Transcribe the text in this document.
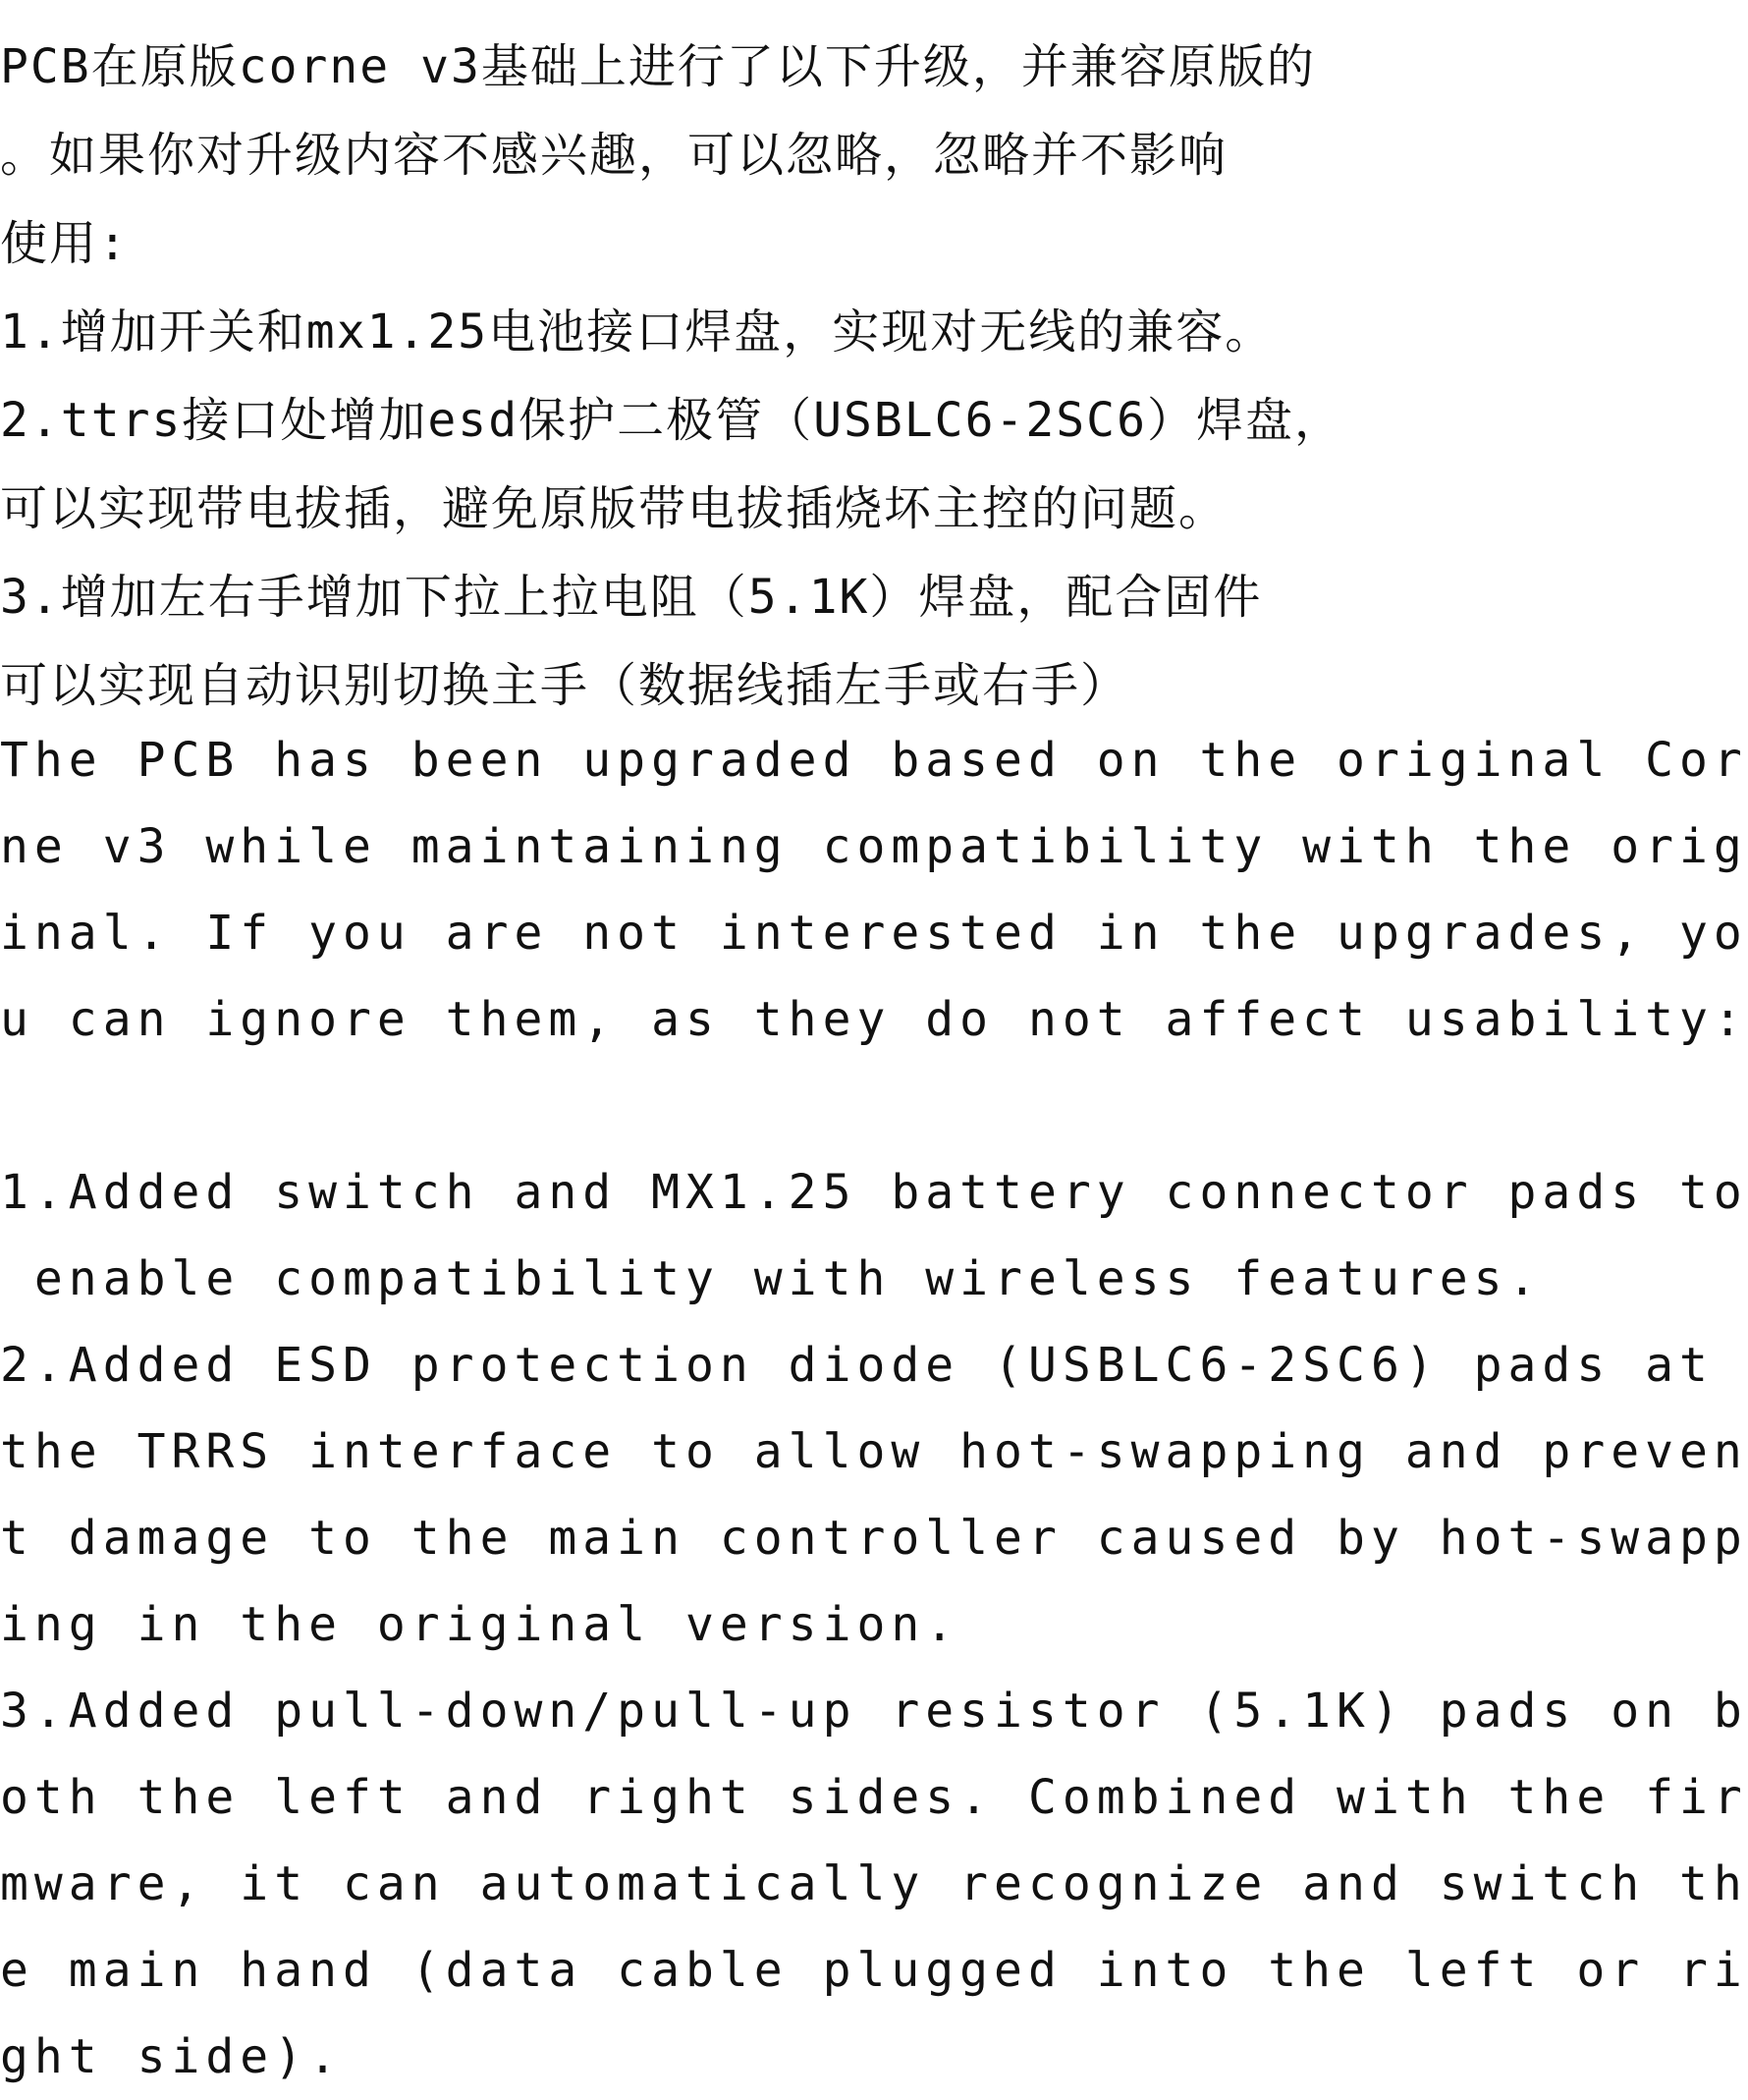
PCB在原版corne v3基础上进行了以下升级，并兼容原版的
。如果你对升级内容不感兴趣，可以忽略，忽略并不影响
使用:
1.增加开关和mx1.25电池接口焊盘，实现对无线的兼容。
2.ttrs接口处增加esd保护二极管（USBLC6-2SC6）焊盘，
可以实现带电拔插，避免原版带电拔插烧坏主控的问题。
3.增加左右手增加下拉上拉电阻（5.1K）焊盘，配合固件
可以实现自动识别切换主手（数据线插左手或右手）
The PCB has been upgraded based on the original Cor
ne v3 while maintaining compatibility with the orig
inal. If you are not interested in the upgrades, yo
u can ignore them, as they do not affect usability:
1.Added switch and MX1.25 battery connector pads to
enable compatibility with wireless features.
2.Added ESD protection diode (USBLC6-2SC6) pads at
the TRRS interface to allow hot-swapping and preven
t damage to the main controller caused by hot-swapp
ing in the original version.
3.Added pull-down/pull-up resistor (5.1K) pads on b
oth the left and right sides. Combined with the fir
mware, it can automatically recognize and switch th
e main hand (data cable plugged into the left or ri
ght side).
